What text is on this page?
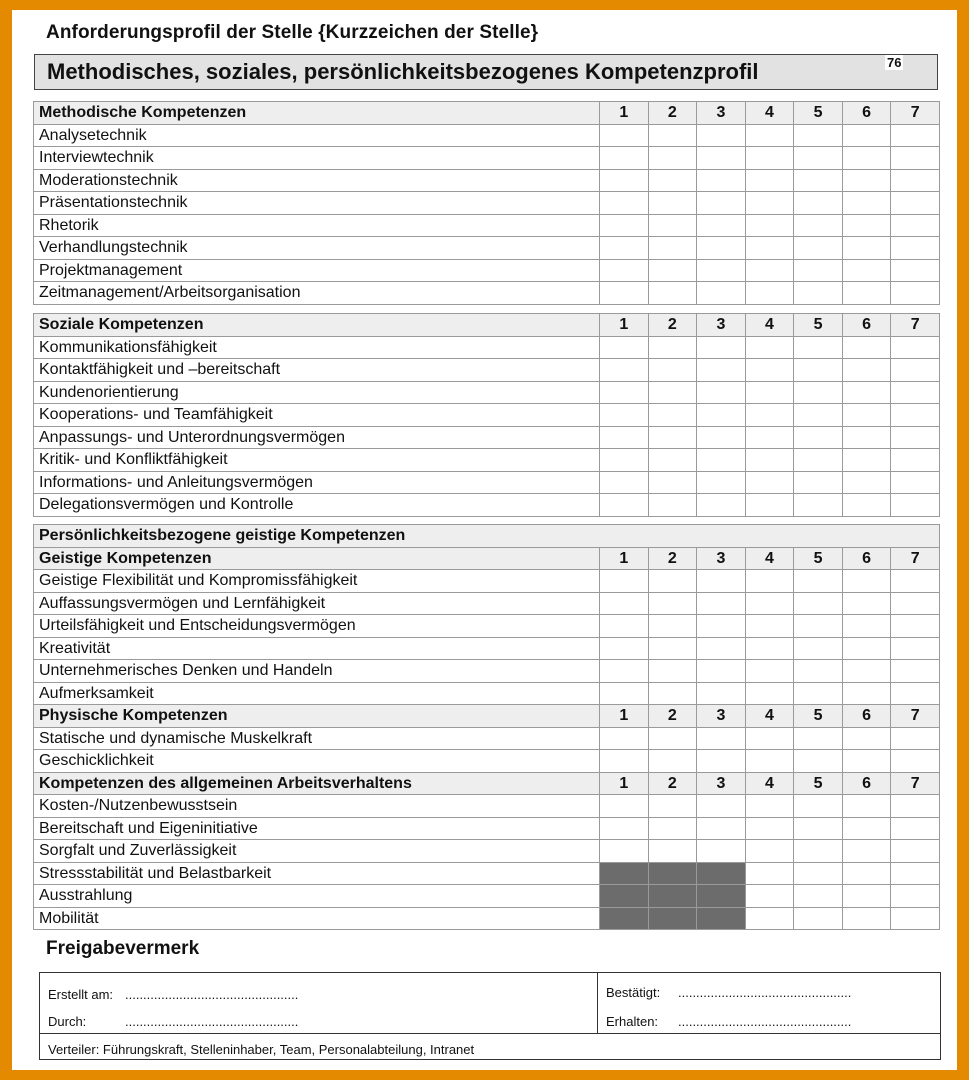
Anforderungsprofil der Stelle {Kurzzeichen der Stelle}
Methodisches, soziales, persönlichkeitsbezogenes Kompetenzprofil	76
Methodische Kompetenzen	1	2	3	4	5	6	7
Analysetechnik							
Interviewtechnik							
Moderationstechnik							
Präsentationstechnik							
Rhetorik							
Verhandlungstechnik							
Projektmanagement							
Zeitmanagement/Arbeitsorganisation							
Soziale Kompetenzen	1	2	3	4	5	6	7
Kommunikationsfähigkeit							
Kontaktfähigkeit und –bereitschaft							
Kundenorientierung							
Kooperations- und Teamfähigkeit							
Anpassungs- und Unterordnungsvermögen							
Kritik- und Konfliktfähigkeit							
Informations- und Anleitungsvermögen							
Delegationsvermögen und Kontrolle							
Persönlichkeitsbezogene geistige Kompetenzen							
Geistige Kompetenzen	1	2	3	4	5	6	7
Geistige Flexibilität und Kompromissfähigkeit							
Auffassungsvermögen und Lernfähigkeit							
Urteilsfähigkeit und Entscheidungsvermögen							
Kreativität							
Unternehmerisches Denken und Handeln							
Aufmerksamkeit							
Physische Kompetenzen	1	2	3	4	5	6	7
Statische und dynamische Muskelkraft							
Geschicklichkeit							
Kompetenzen des allgemeinen Arbeitsverhaltens	1	2	3	4	5	6	7
Kosten-/Nutzenbewusstsein							
Bereitschaft und Eigeninitiative							
Sorgfalt und Zuverlässigkeit							
Stressstabilität und Belastbarkeit							
Ausstrahlung							
Mobilität							
Freigabevermerk
Erstellt am: ................................................
Durch:	................................................
Bestätigt: ................................................
Erhalten: ................................................
Verteiler: Führungskraft, Stelleninhaber, Team, Personalabteilung, Intranet
